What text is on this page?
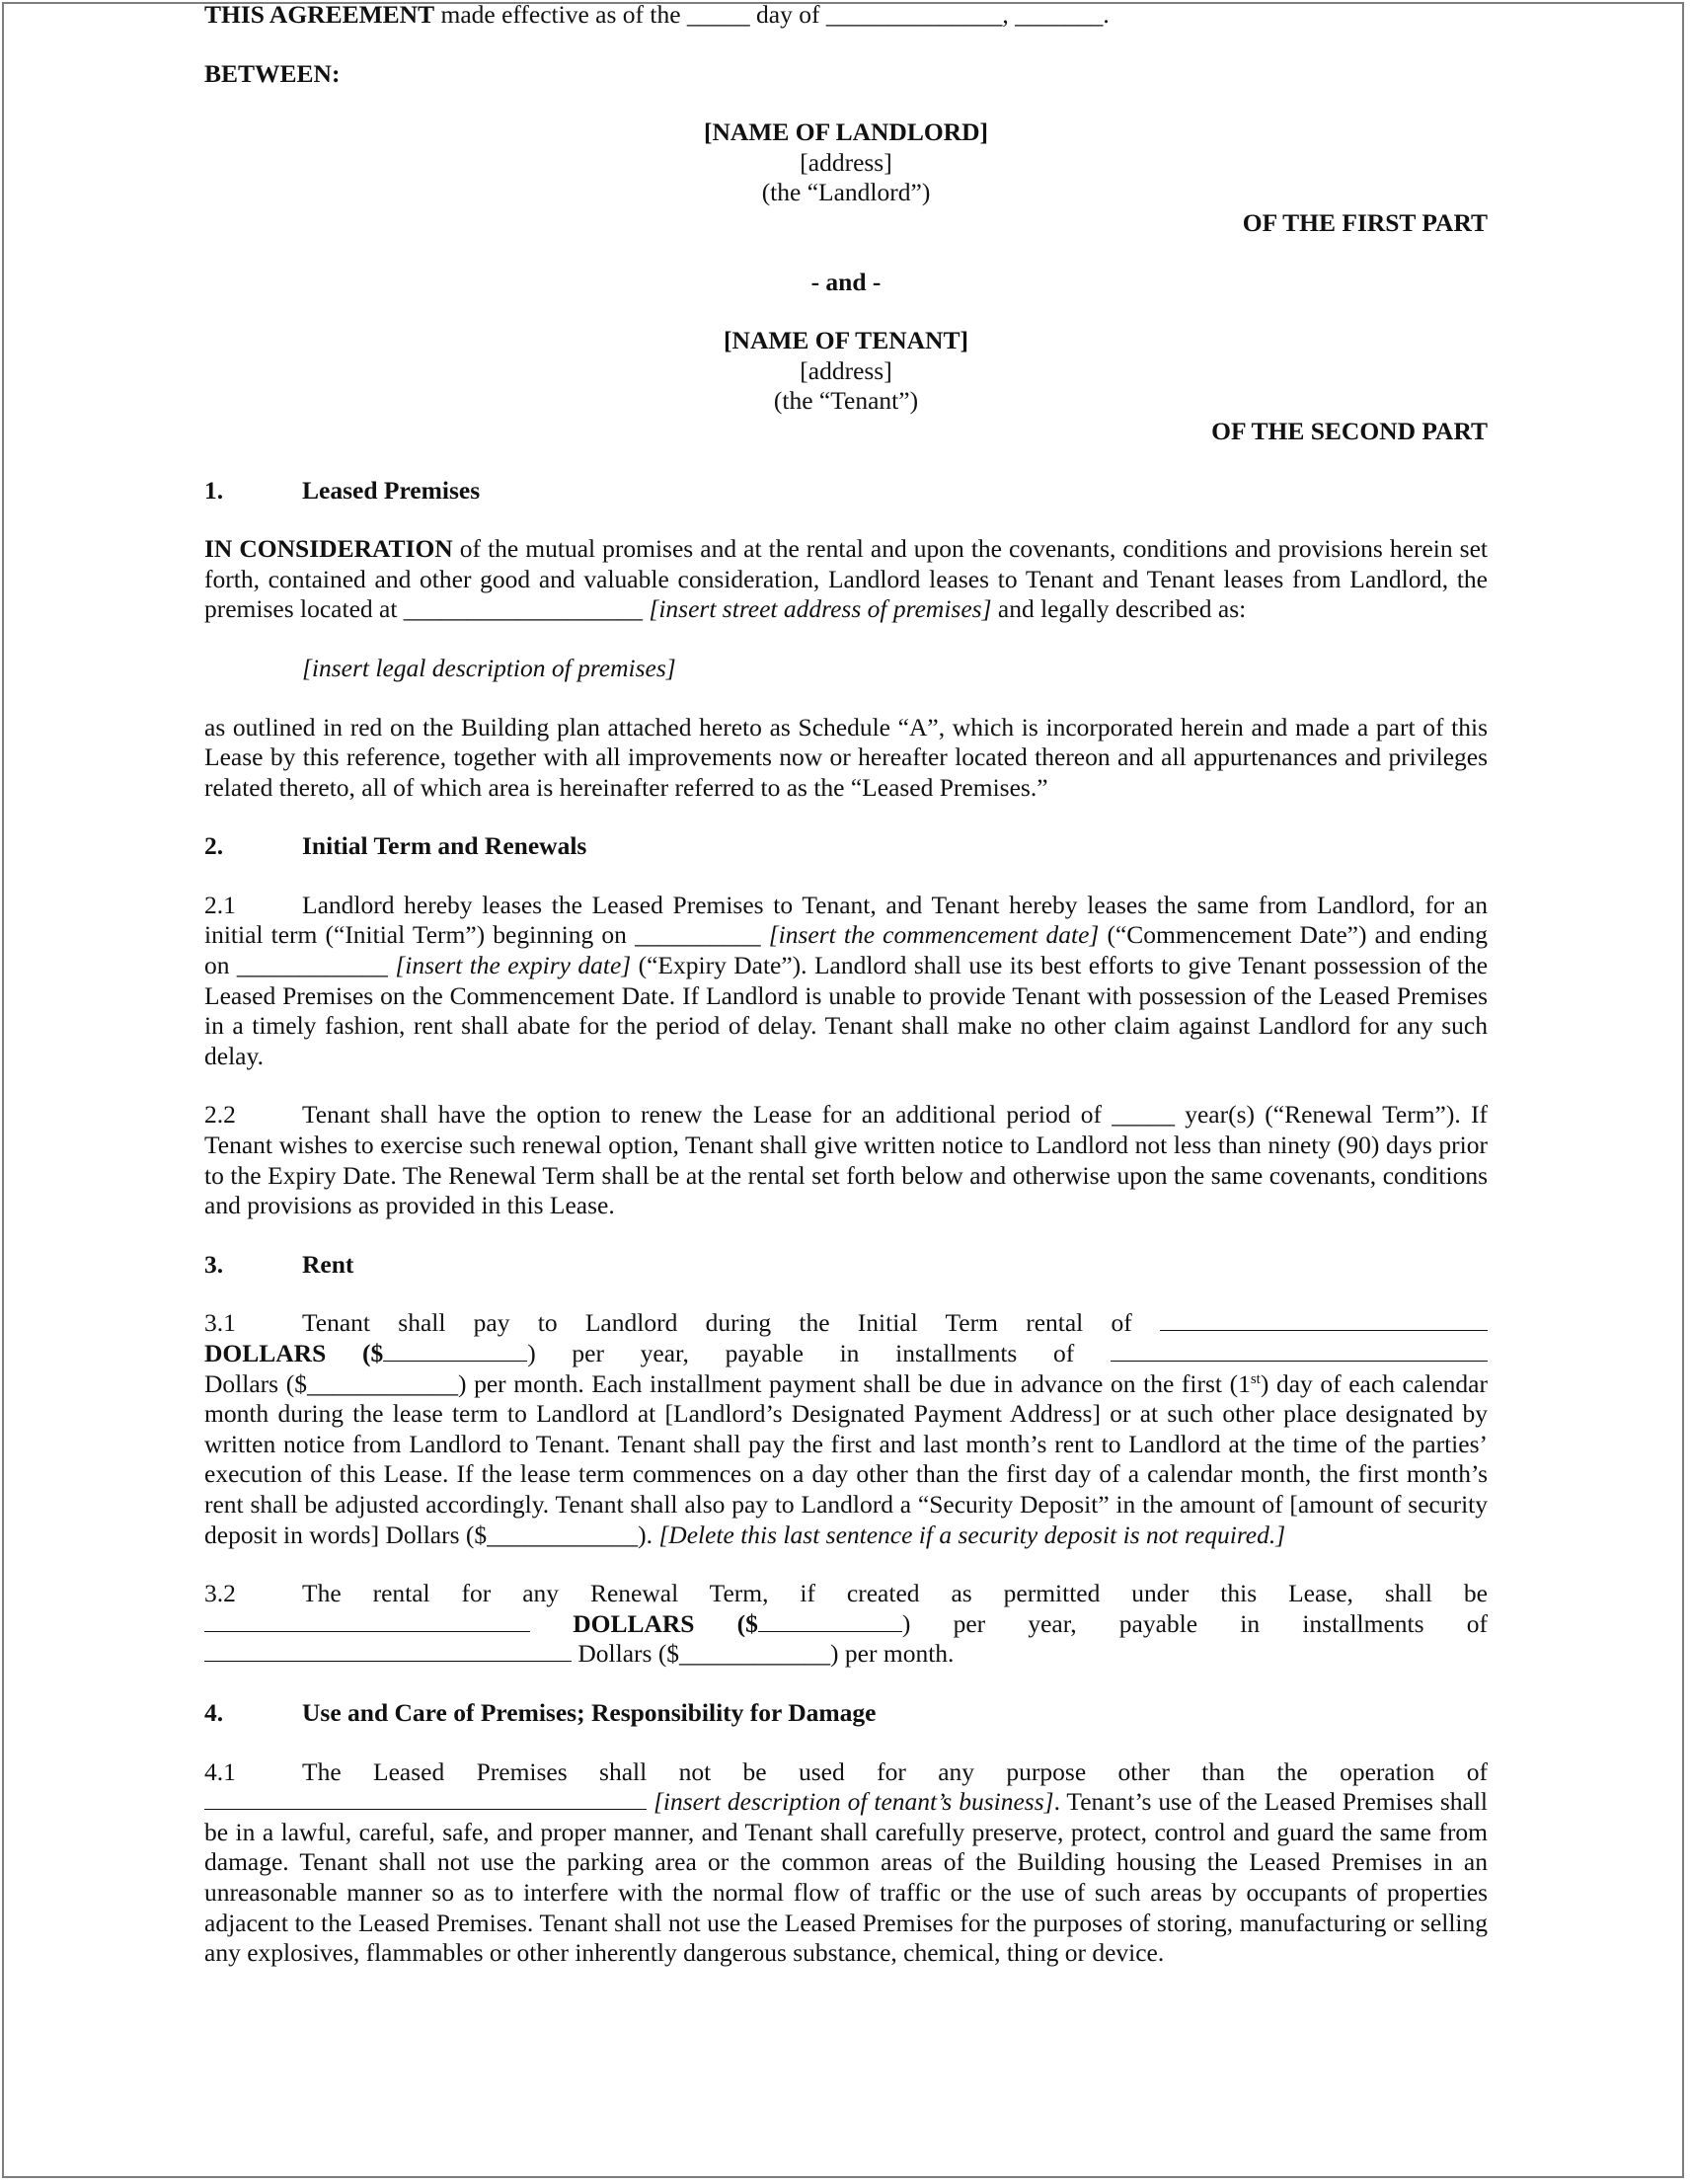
THIS AGREEMENT made effective as of the _____ day of ______________, _______.

BETWEEN:

[NAME OF LANDLORD]

[address]

(the “Landlord”)

OF THE FIRST PART

- and -

[NAME OF TENANT]

[address]

(the “Tenant”)

OF THE SECOND PART

1.	Leased Premises

IN CONSIDERATION of the mutual promises and at the rental and upon the covenants, conditions and provisions herein set forth, contained and other good and valuable consideration, Landlord leases to Tenant and Tenant leases from Landlord, the premises located at ___________________ [insert street address of premises] and legally described as:

[insert legal description of premises]

as outlined in red on the Building plan attached hereto as Schedule “A”, which is incorporated herein and made a part of this Lease by this reference, together with all improvements now or hereafter located thereon and all appurtenances and privileges related thereto, all of which area is hereinafter referred to as the “Leased Premises.”

2.	Initial Term and Renewals

2.1	Landlord hereby leases the Leased Premises to Tenant, and Tenant hereby leases the same from Landlord, for an initial term (“Initial Term”) beginning on __________ [insert the commencement date] (“Commencement Date”) and ending on ____________ [insert the expiry date] (“Expiry Date”). Landlord shall use its best efforts to give Tenant possession of the Leased Premises on the Commencement Date. If Landlord is unable to provide Tenant with possession of the Leased Premises in a timely fashion, rent shall abate for the period of delay. Tenant shall make no other claim against Landlord for any such delay.

2.2	Tenant shall have the option to renew the Lease for an additional period of _____ year(s) (“Renewal Term”). If Tenant wishes to exercise such renewal option, Tenant shall give written notice to Landlord not less than ninety (90) days prior to the Expiry Date. The Renewal Term shall be at the rental set forth below and otherwise upon the same covenants, conditions and provisions as provided in this Lease.

3.	Rent

3.1	Tenant shall pay to Landlord during the Initial Term rental of

DOLLARS ($	) per year, payable in installments of

Dollars ($____________) per month. Each installment payment shall be due in advance on the first (1st) day of each calendar month during the lease term to Landlord at [Landlord’s Designated Payment Address] or at such other place designated by written notice from Landlord to Tenant. Tenant shall pay the first and last month’s rent to Landlord at the time of the parties’ execution of this Lease. If the lease term commences on a day other than the first day of a calendar month, the first month’s rent shall be adjusted accordingly. Tenant shall also pay to Landlord a “Security Deposit” in the amount of [amount of security deposit in words] Dollars ($____________). [Delete this last sentence if a security deposit is not required.]

3.2	The rental for any Renewal Term, if created as permitted under this Lease, shall be

DOLLARS ($	) per year, payable in installments of

Dollars ($____________) per month.

4.	Use and Care of Premises; Responsibility for Damage

4.1	The Leased Premises shall not be used for any purpose other than the operation of

[insert description of tenant’s business]. Tenant’s use of the Leased Premises shall be in a lawful, careful, safe, and proper manner, and Tenant shall carefully preserve, protect, control and guard the same from damage. Tenant shall not use the parking area or the common areas of the Building housing the Leased Premises in an unreasonable manner so as to interfere with the normal flow of traffic or the use of such areas by occupants of properties adjacent to the Leased Premises. Tenant shall not use the Leased Premises for the purposes of storing, manufacturing or selling any explosives, flammables or other inherently dangerous substance, chemical, thing or device.
